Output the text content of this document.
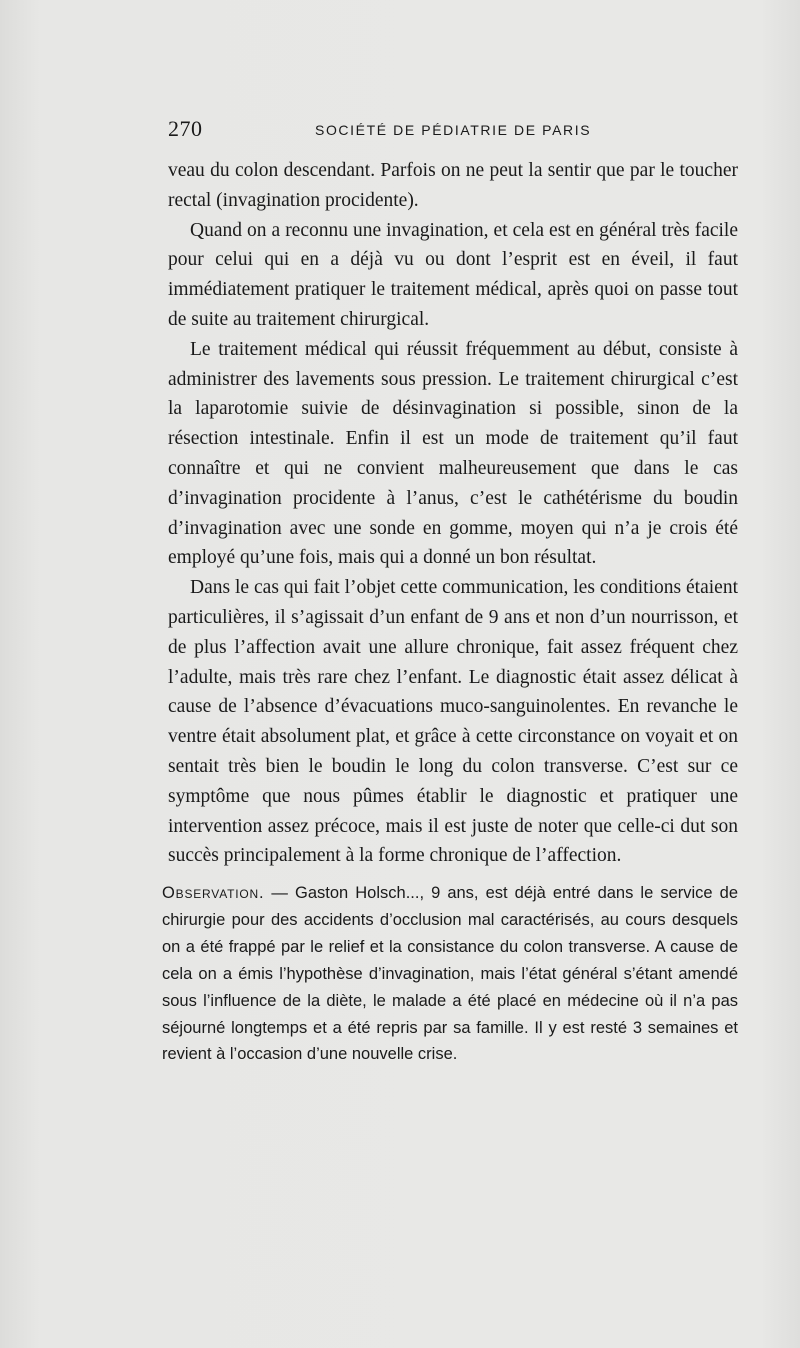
270	SOCIÉTÉ DE PÉDIATRIE DE PARIS

veau du colon descendant. Parfois on ne peut la sentir que par le toucher rectal (invagination procidente).

Quand on a reconnu une invagination, et cela est en général très facile pour celui qui en a déjà vu ou dont l’esprit est en éveil, il faut immédiatement pratiquer le traitement médical, après quoi on passe tout de suite au traitement chirurgical.

Le traitement médical qui réussit fréquemment au début, consiste à administrer des lavements sous pression. Le traitement chirurgical c’est la laparotomie suivie de désinvagination si possible, sinon de la résection intestinale. Enfin il est un mode de traitement qu’il faut connaître et qui ne convient malheureusement que dans le cas d’invagination procidente à l’anus, c’est le cathétérisme du boudin d’invagination avec une sonde en gomme, moyen qui n’a je crois été employé qu’une fois, mais qui a donné un bon résultat.

Dans le cas qui fait l’objet cette communication, les conditions étaient particulières, il s’agissait d’un enfant de 9 ans et non d’un nourrisson, et de plus l’affection avait une allure chronique, fait assez fréquent chez l’adulte, mais très rare chez l’enfant. Le diagnostic était assez délicat à cause de l’absence d’évacuations muco-sanguinolentes. En revanche le ventre était absolument plat, et grâce à cette circonstance on voyait et on sentait très bien le boudin le long du colon transverse. C’est sur ce symptôme que nous pûmes établir le diagnostic et pratiquer une intervention assez précoce, mais il est juste de noter que celle-ci dut son succès principalement à la forme chronique de l’affection.

Observation. — Gaston Holsch..., 9 ans, est déjà entré dans le service de chirurgie pour des accidents d’occlusion mal caractérisés, au cours desquels on a été frappé par le relief et la consistance du colon transverse. A cause de cela on a émis l’hypothèse d’invagination, mais l’état général s’étant amendé sous l’influence de la diète, le malade a été placé en médecine où il n’a pas séjourné longtemps et a été repris par sa famille. Il y est resté 3 semaines et revient à l’occasion d’une nouvelle crise.
